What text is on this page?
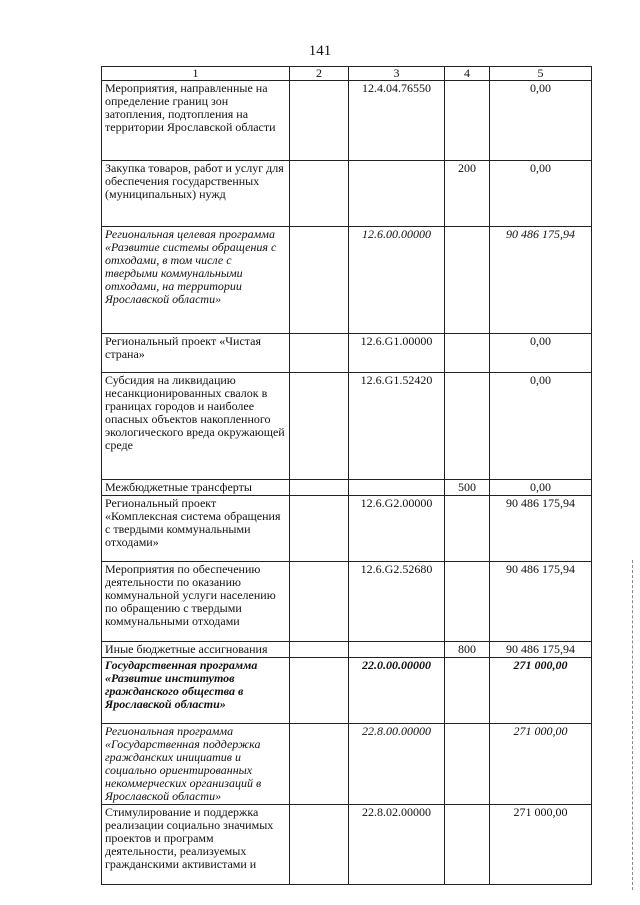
141
1	2	3	4	5
Мероприятия, направленные на определение границ зон затопления, подтопления на территории Ярославской области		12.4.04.76550		0,00
Закупка товаров, работ и услуг для обеспечения государственных (муниципальных) нужд			200	0,00
Региональная целевая программа «Развитие системы обращения с отходами, в том числе с твердыми коммунальными отходами, на территории Ярославской области»		12.6.00.00000		90 486 175,94
Региональный проект «Чистая страна»		12.6.G1.00000		0,00
Субсидия на ликвидацию несанкционированных свалок в границах городов и наиболее опасных объектов накопленного экологического вреда окружающей среде		12.6.G1.52420		0,00
Межбюджетные трансферты			500	0,00
Региональный проект «Комплексная система обращения с твердыми коммунальными отходами»		12.6.G2.00000		90 486 175,94
Мероприятия по обеспечению деятельности по оказанию коммунальной услуги населению по обращению с твердыми коммунальными отходами		12.6.G2.52680		90 486 175,94
Иные бюджетные ассигнования			800	90 486 175,94
Государственная программа «Развитие институтов гражданского общества в Ярославской области»		22.0.00.00000		271 000,00
Региональная программа «Государственная поддержка гражданских инициатив и социально ориентированных некоммерческих организаций в Ярославской области»		22.8.00.00000		271 000,00
Стимулирование и поддержка реализации социально значимых проектов и программ деятельности, реализуемых гражданскими активистами и		22.8.02.00000		271 000,00
